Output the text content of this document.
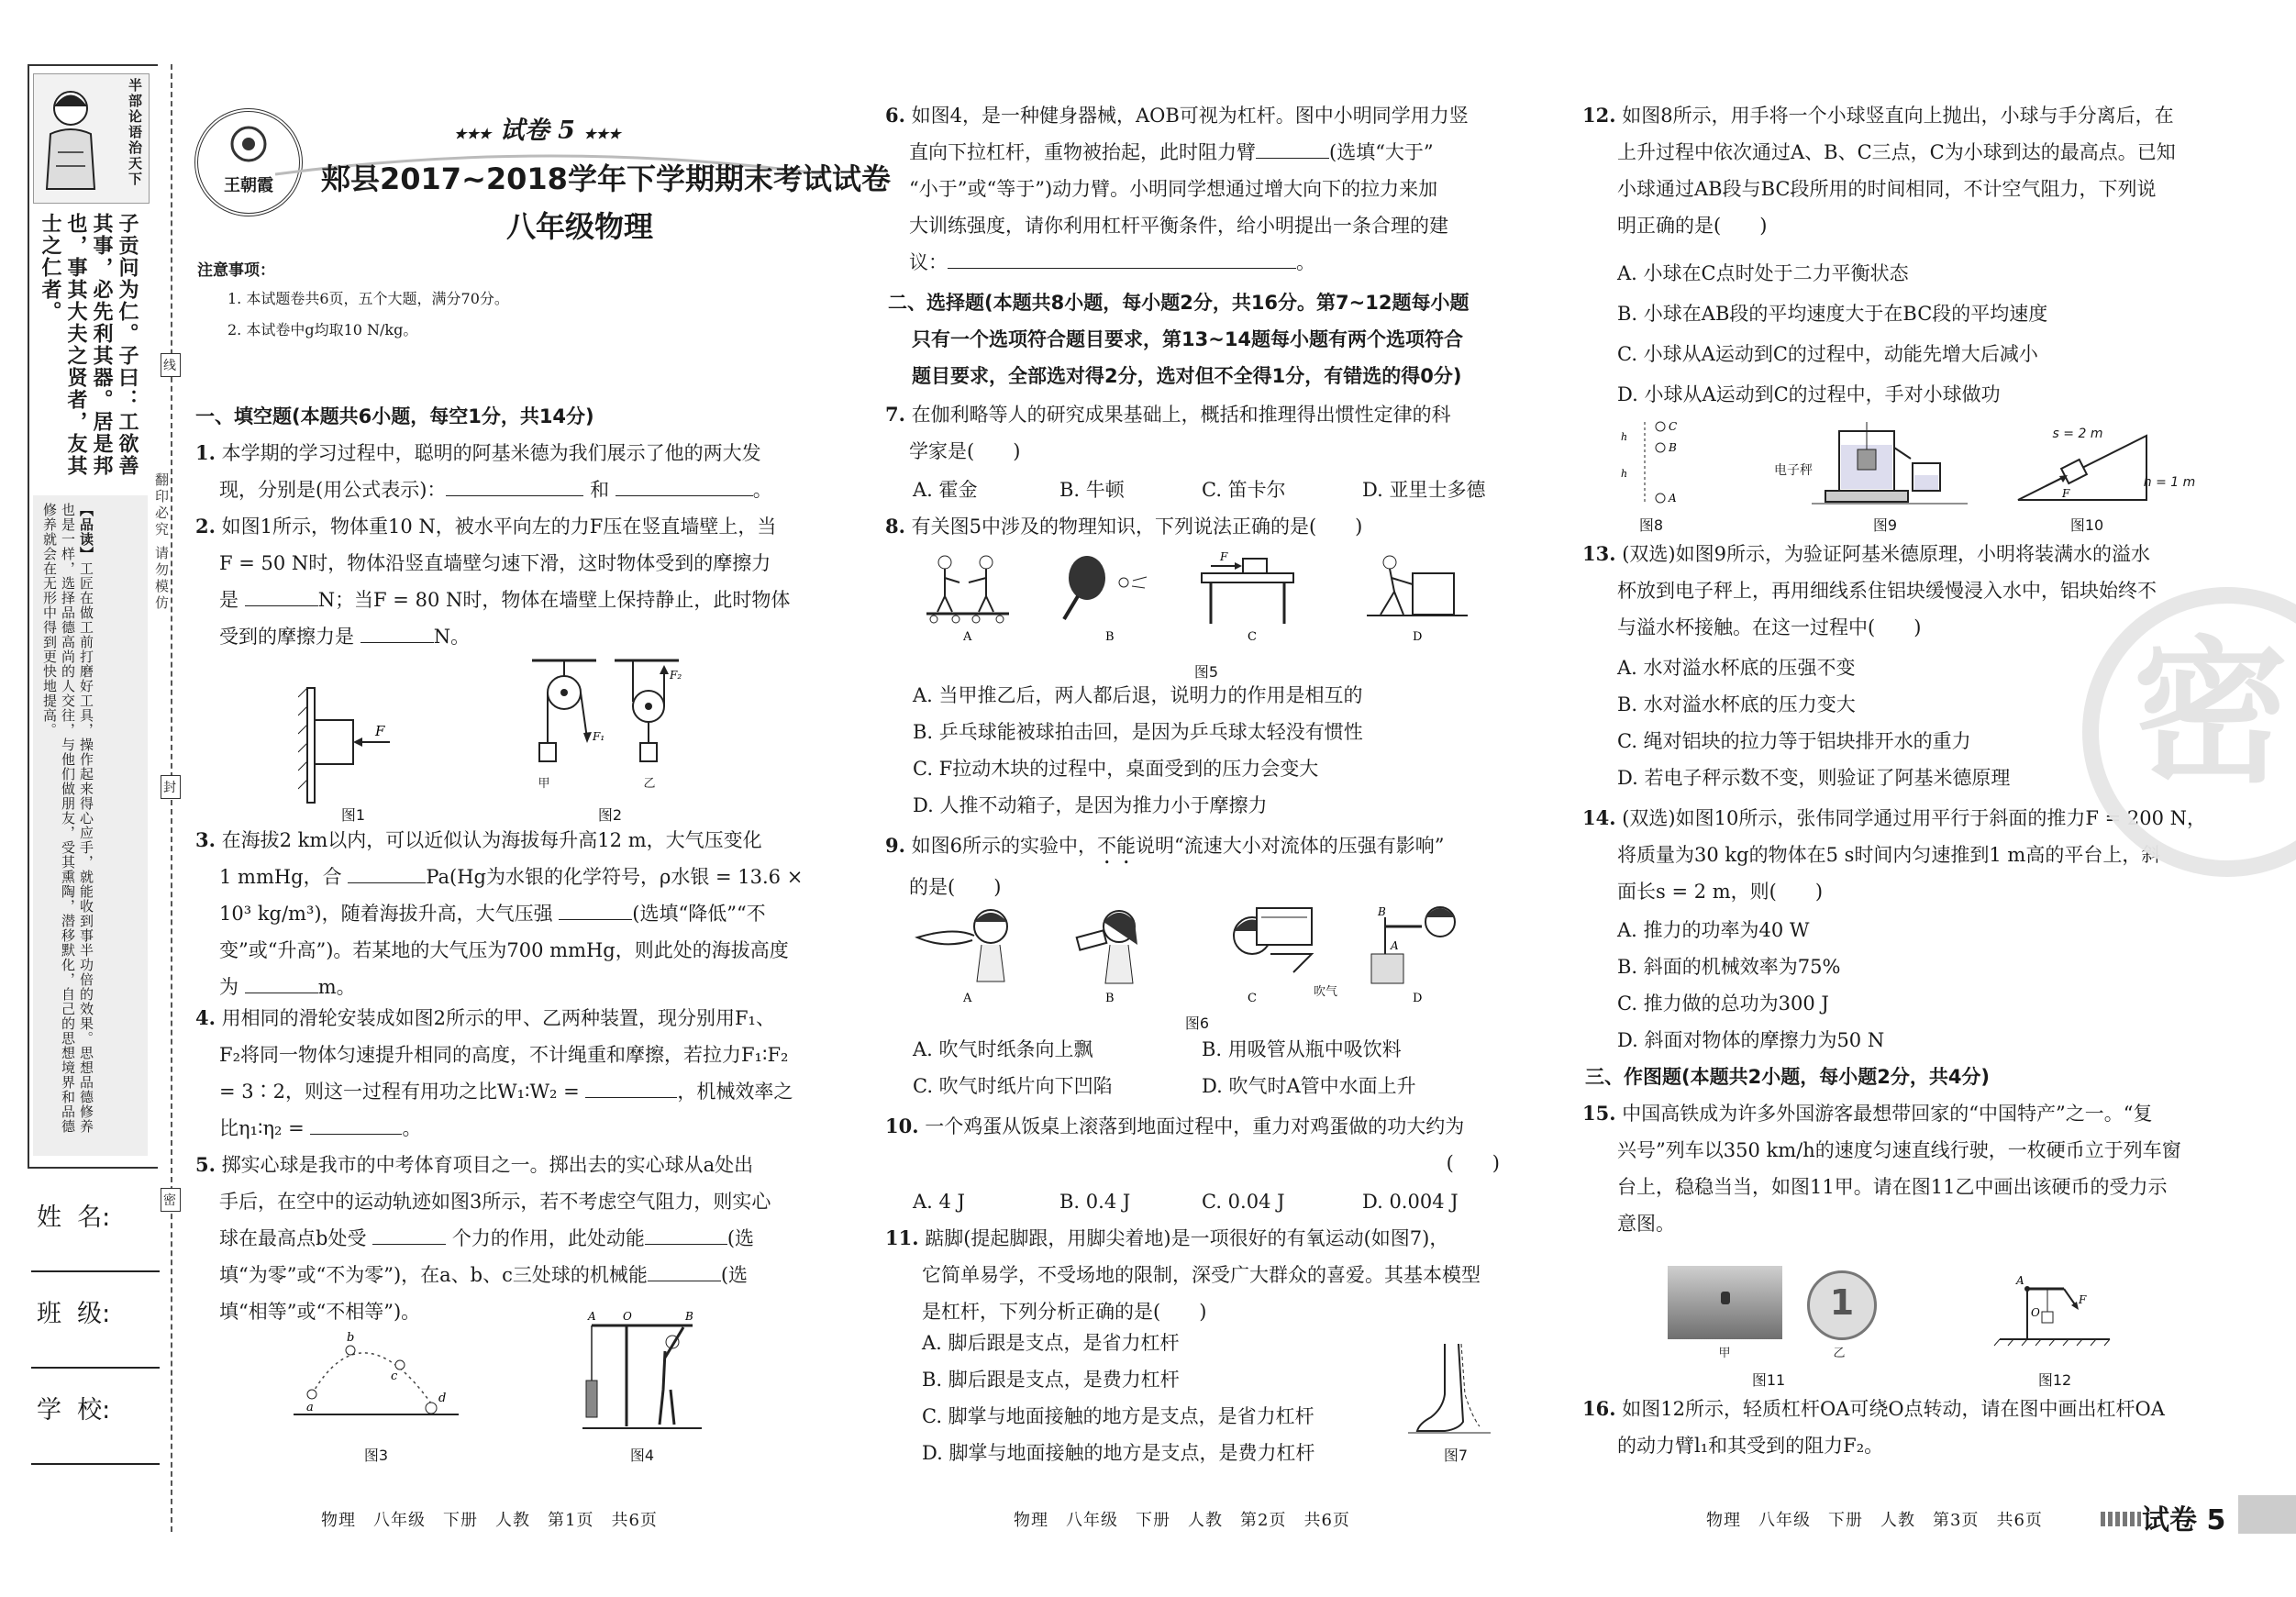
半部论语治天下
子贡问为仁。子曰：工欲善其事，必先利其器。居是邦也，事其大夫之贤者，友其士之仁者。
【品读】工匠在做工前打磨好工具，操作起来得心应手，就能收到事半功倍的效果。思想品德修养也是一样，选择品德高尚的人交往，与他们做朋友，受其熏陶，潜移默化，自己的思想境界和品德修养就会在无形中得到更快地提高。	翻印必究 请勿模仿
线
封
密
姓  名:
班  级:
学  校:
王朝霞
★★★ 试卷 5 ★★★
郏县2017~2018学年下学期期末考试试卷
八年级物理
注意事项：
1. 本试题卷共6页，五个大题，满分70分。
2. 本试卷中g均取10 N/kg。
一、填空题(本题共6小题，每空1分，共14分)
1. 本学期的学习过程中，聪明的阿基米德为我们展示了他的两大发
现，分别是(用公式表示)：	和	。
2. 如图1所示，物体重10 N，被水平向左的力F压在竖直墙壁上，当
F = 50 N时，物体沿竖直墙壁匀速下滑，这时物体受到的摩擦力
是	N；当F = 80 N时，物体在墙壁上保持静止，此时物体
受到的摩擦力是	N。
F
图1
F₁
F₂
甲	乙
图2
3. 在海拔2 km以内，可以近似认为海拔每升高12 m，大气压变化
1 mmHg，合	Pa(Hg为水银的化学符号，ρ水银 = 13.6 ×
10³ kg/m³)，随着海拔升高，大气压强	(选填“降低”“不
变”或“升高”)。若某地的大气压为700 mmHg，则此处的海拔高度
为	m。
4. 用相同的滑轮安装成如图2所示的甲、乙两种装置，现分别用F₁、
F₂将同一物体匀速提升相同的高度，不计绳重和摩擦，若拉力F₁∶F₂
= 3∶2，则这一过程有用功之比W₁∶W₂ =	，机械效率之
比η₁∶η₂ =	。
5. 掷实心球是我市的中考体育项目之一。掷出去的实心球从a处出
手后，在空中的运动轨迹如图3所示，若不考虑空气阻力，则实心
球在最高点b处受	个力的作用，此处动能	(选
填“为零”或“不为零”)，在a、b、c三处球的机械能	(选
填“相等”或“不相等”)。
a
b
c
d
图3
A O	B
图4
6. 如图4，是一种健身器械，AOB可视为杠杆。图中小明同学用力竖
直向下拉杠杆，重物被抬起，此时阻力臂	(选填“大于”
“小于”或“等于”)动力臂。小明同学想通过增大向下的拉力来加
大训练强度，请你利用杠杆平衡条件，给小明提出一条合理的建
议：	。
二、选择题(本题共8小题，每小题2分，共16分。第7~12题每小题
只有一个选项符合题目要求，第13~14题每小题有两个选项符合
题目要求，全部选对得2分，选对但不全得1分，有错选的得0分)
7. 在伽利略等人的研究成果基础上，概括和推理得出惯性定律的科
学家是(　　)
A. 霍金	B. 牛顿	C. 笛卡尔	D. 亚里士多德
8. 有关图5中涉及的物理知识，下列说法正确的是(　　)
A	B
F
C	D
图5
A. 当甲推乙后，两人都后退，说明力的作用是相互的
B. 乒乓球能被球拍击回，是因为乒乓球太轻没有惯性
C. F拉动木块的过程中，桌面受到的压力会变大
D. 人推不动箱子，是因为推力小于摩擦力
9. 如图6所示的实验中，不能说明“流速大小对流体的压强有影响”
的是(　　)
A	B	C
B
A
D
吹气
图6
A. 吹气时纸条向上飘	B. 用吸管从瓶中吸饮料
C. 吹气时纸片向下凹陷	D. 吹气时A管中水面上升
10. 一个鸡蛋从饭桌上滚落到地面过程中，重力对鸡蛋做的功大约为
(　　)
A. 4 J	B. 0.4 J	C. 0.04 J	D. 0.004 J
11. 踮脚(提起脚跟，用脚尖着地)是一项很好的有氧运动(如图7)，
它简单易学，不受场地的限制，深受广大群众的喜爱。其基本模型
是杠杆，下列分析正确的是(　　)
A. 脚后跟是支点，是省力杠杆
B. 脚后跟是支点，是费力杠杆
C. 脚掌与地面接触的地方是支点，是省力杠杆
D. 脚掌与地面接触的地方是支点，是费力杠杆	图7
12. 如图8所示，用手将一个小球竖直向上抛出，小球与手分离后，在
上升过程中依次通过A、B、C三点，C为小球到达的最高点。已知
小球通过AB段与BC段所用的时间相同，不计空气阻力，下列说
明正确的是(　　)
A. 小球在C点时处于二力平衡状态
B. 小球在AB段的平均速度大于在BC段的平均速度
C. 小球从A运动到C的过程中，动能先增大后减小
D. 小球从A运动到C的过程中，手对小球做功
C
B
A
h
h
图8
电子秤
图9
F
s = 2 m
h = 1 m
图10
13. (双选)如图9所示，为验证阿基米德原理，小明将装满水的溢水
杯放到电子秤上，再用细线系住铝块缓慢浸入水中，铝块始终不
与溢水杯接触。在这一过程中(　　)
A. 水对溢水杯底的压强不变
B. 水对溢水杯底的压力变大
C. 绳对铝块的拉力等于铝块排开水的重力
D. 若电子秤示数不变，则验证了阿基米德原理
14. (双选)如图10所示，张伟同学通过用平行于斜面的推力F = 200 N，
将质量为30 kg的物体在5 s时间内匀速推到1 m高的平台上，斜
面长s = 2 m，则(　　)
A. 推力的功率为40 W
B. 斜面的机械效率为75%
C. 推力做的总功为300 J
D. 斜面对物体的摩擦力为50 N
三、作图题(本题共2小题，每小题2分，共4分)
15. 中国高铁成为许多外国游客最想带回家的“中国特产”之一。“复
兴号”列车以350 km/h的速度匀速直线行驶，一枚硬币立于列车窗
台上，稳稳当当，如图11甲。请在图11乙中画出该硬币的受力示
意图。
1
甲	乙
图11
A
F
O
图12
16. 如图12所示，轻质杠杆OA可绕O点转动，请在图中画出杠杆OA
的动力臂l₁和其受到的阻力F₂。
密
物理　八年级　下册　人教　第1页　共6页	物理　八年级　下册　人教　第2页　共6页	物理　八年级　下册　人教　第3页　共6页	试卷 5
